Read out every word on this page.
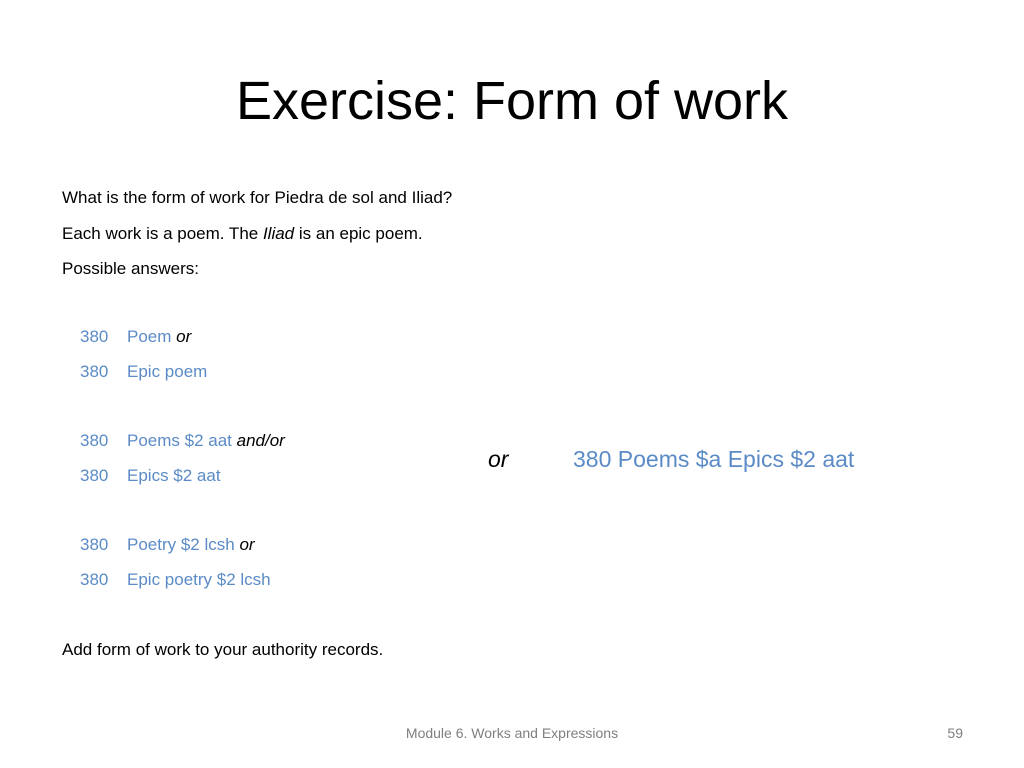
Exercise: Form of work
What is the form of work for Piedra de sol and Iliad?
Each work is a poem. The Iliad is an epic poem.
Possible answers:
380 Poem or
380 Epic poem
380 Poems $2 aat and/or
380 Epics $2 aat
380 Poetry $2 lcsh or
380 Epic poetry $2 lcsh
or	380 Poems $a Epics $2 aat
Add form of work to your authority records.
Module 6. Works and Expressions	59
